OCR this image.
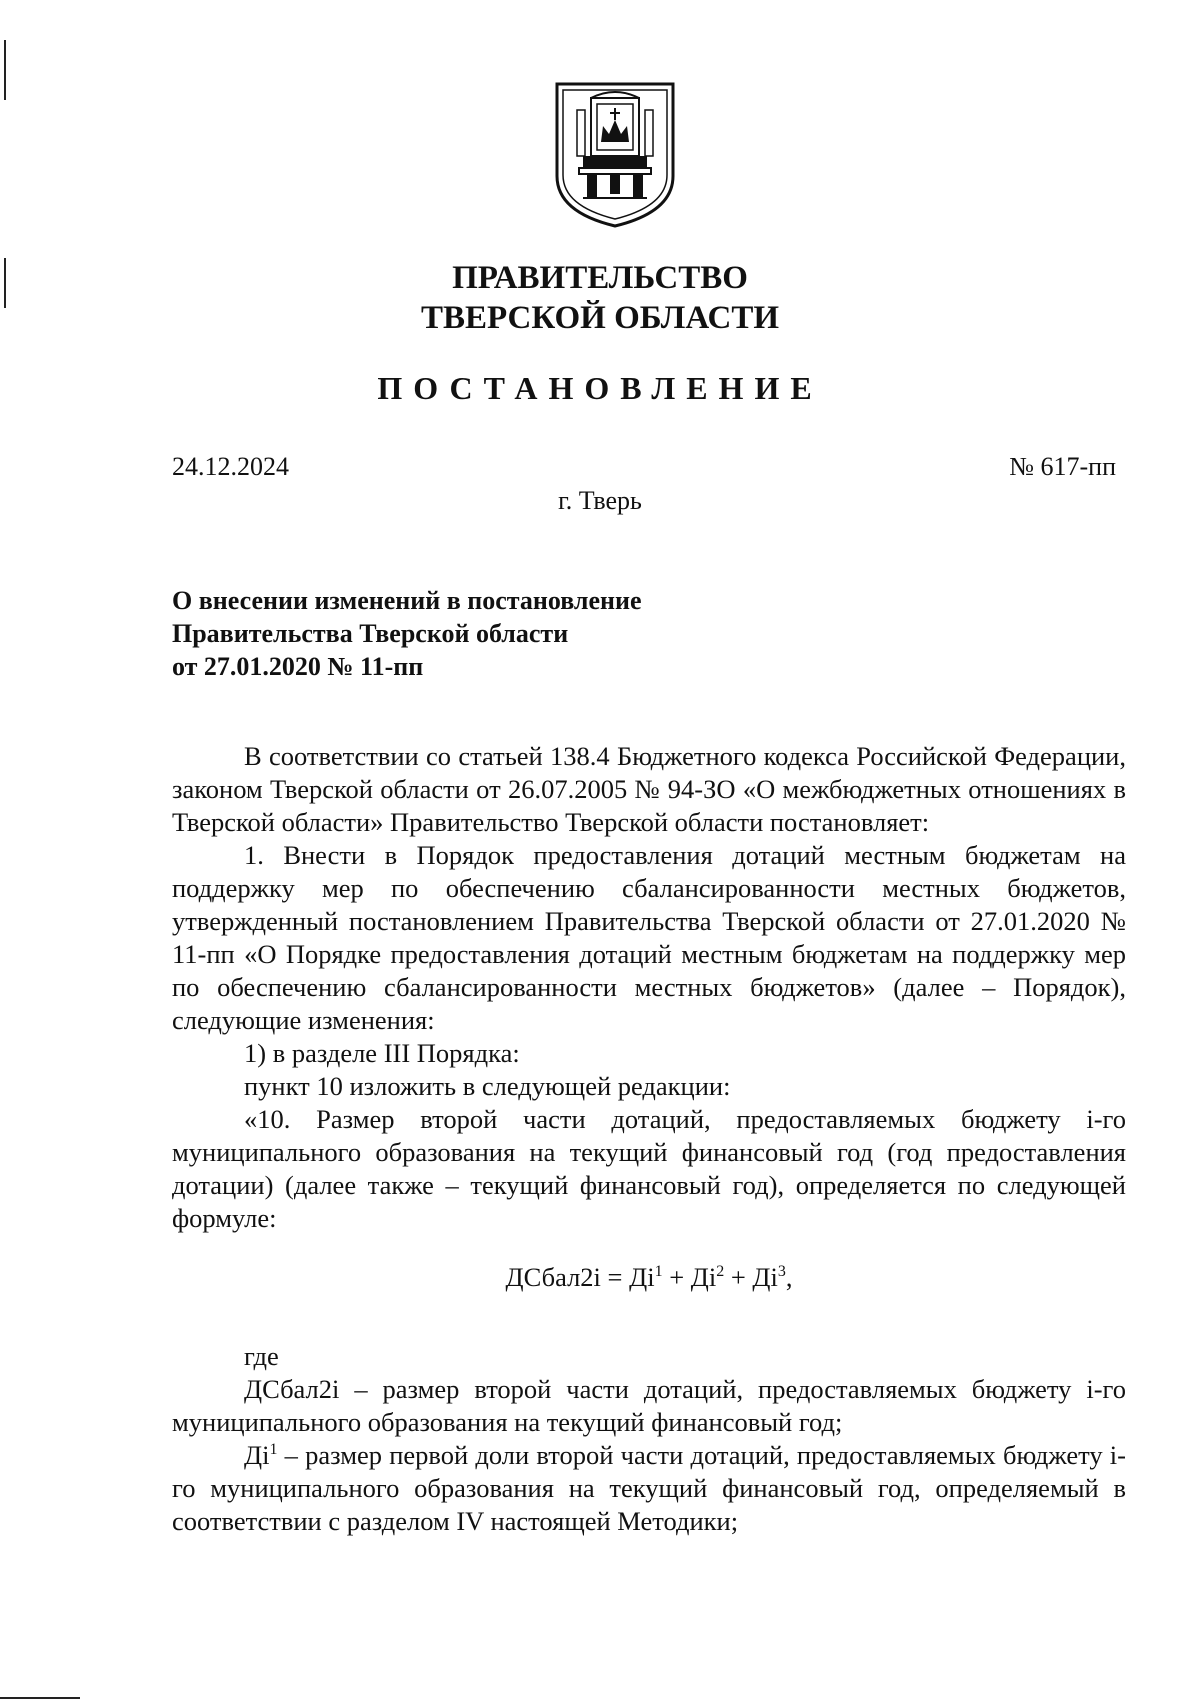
ПРАВИТЕЛЬСТВО
ТВЕРСКОЙ ОБЛАСТИ
ПОСТАНОВЛЕНИЕ
24.12.2024	№ 617-пп
г. Тверь
О внесении изменений в постановление
Правительства Тверской области
от 27.01.2020 № 11-пп

В соответствии со статьей 138.4 Бюджетного кодекса Российской Федерации, законом Тверской области от 26.07.2005 № 94-ЗО «О межбюджетных отношениях в Тверской области» Правительство Тверской области постановляет:

1. Внести в Порядок предоставления дотаций местным бюджетам на поддержку мер по обеспечению сбалансированности местных бюджетов, утвержденный постановлением Правительства Тверской области от 27.01.2020 № 11-пп «О Порядке предоставления дотаций местным бюджетам на поддержку мер по обеспечению сбалансированности местных бюджетов» (далее – Порядок), следующие изменения:

1) в разделе III Порядка:

пункт 10 изложить в следующей редакции:

«10. Размер второй части дотаций, предоставляемых бюджету i-го муниципального образования на текущий финансовый год (год предоставления дотации) (далее также – текущий финансовый год), определяется по следующей формуле:

ДСбал2i = $Дi^1 + Дi^2 + Дi^3$,

где

ДСбал2i – размер второй части дотаций, предоставляемых бюджету i-го муниципального образования на текущий финансовый год;

$Дi^1$ – размер первой доли второй части дотаций, предоставляемых бюджету i-го муниципального образования на текущий финансовый год, определяемый в соответствии с разделом IV настоящей Методики;
